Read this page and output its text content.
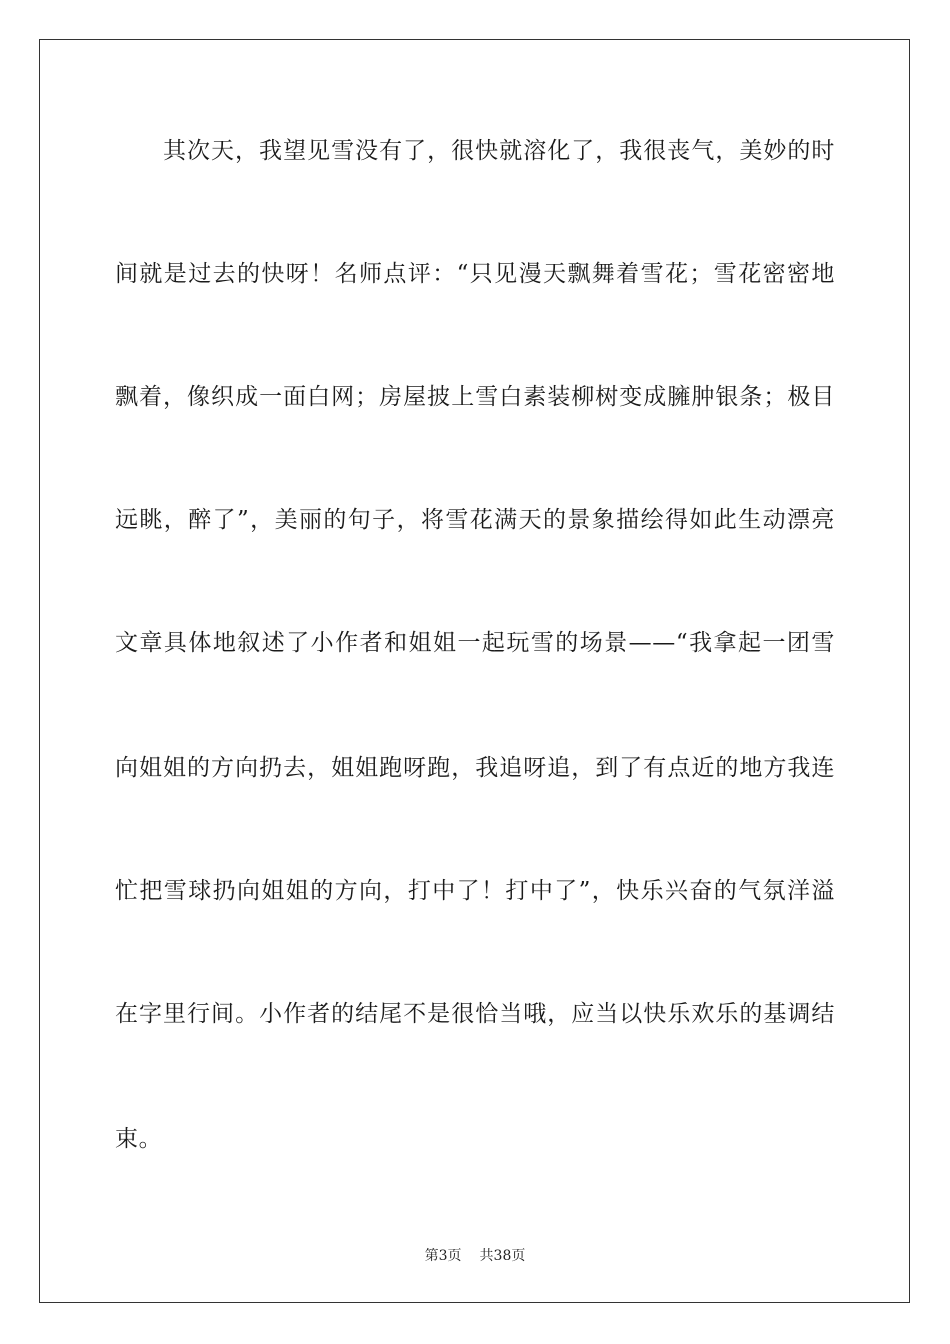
其次天，我望见雪没有了，很快就溶化了，我很丧气，美妙的时
间就是过去的快呀！名师点评：“只见漫天飘舞着雪花；雪花密密地
飘着，像织成一面白网；房屋披上雪白素装柳树变成臃肿银条；极目
远眺，醉了”，美丽的句子，将雪花满天的景象描绘得如此生动漂亮
文章具体地叙述了小作者和姐姐一起玩雪的场景——“我拿起一团雪
向姐姐的方向扔去，姐姐跑呀跑，我追呀追，到了有点近的地方我连
忙把雪球扔向姐姐的方向，打中了！打中了”，快乐兴奋的气氛洋溢
在字里行间。小作者的结尾不是很恰当哦，应当以快乐欢乐的基调结
束。
第3页 共38页
